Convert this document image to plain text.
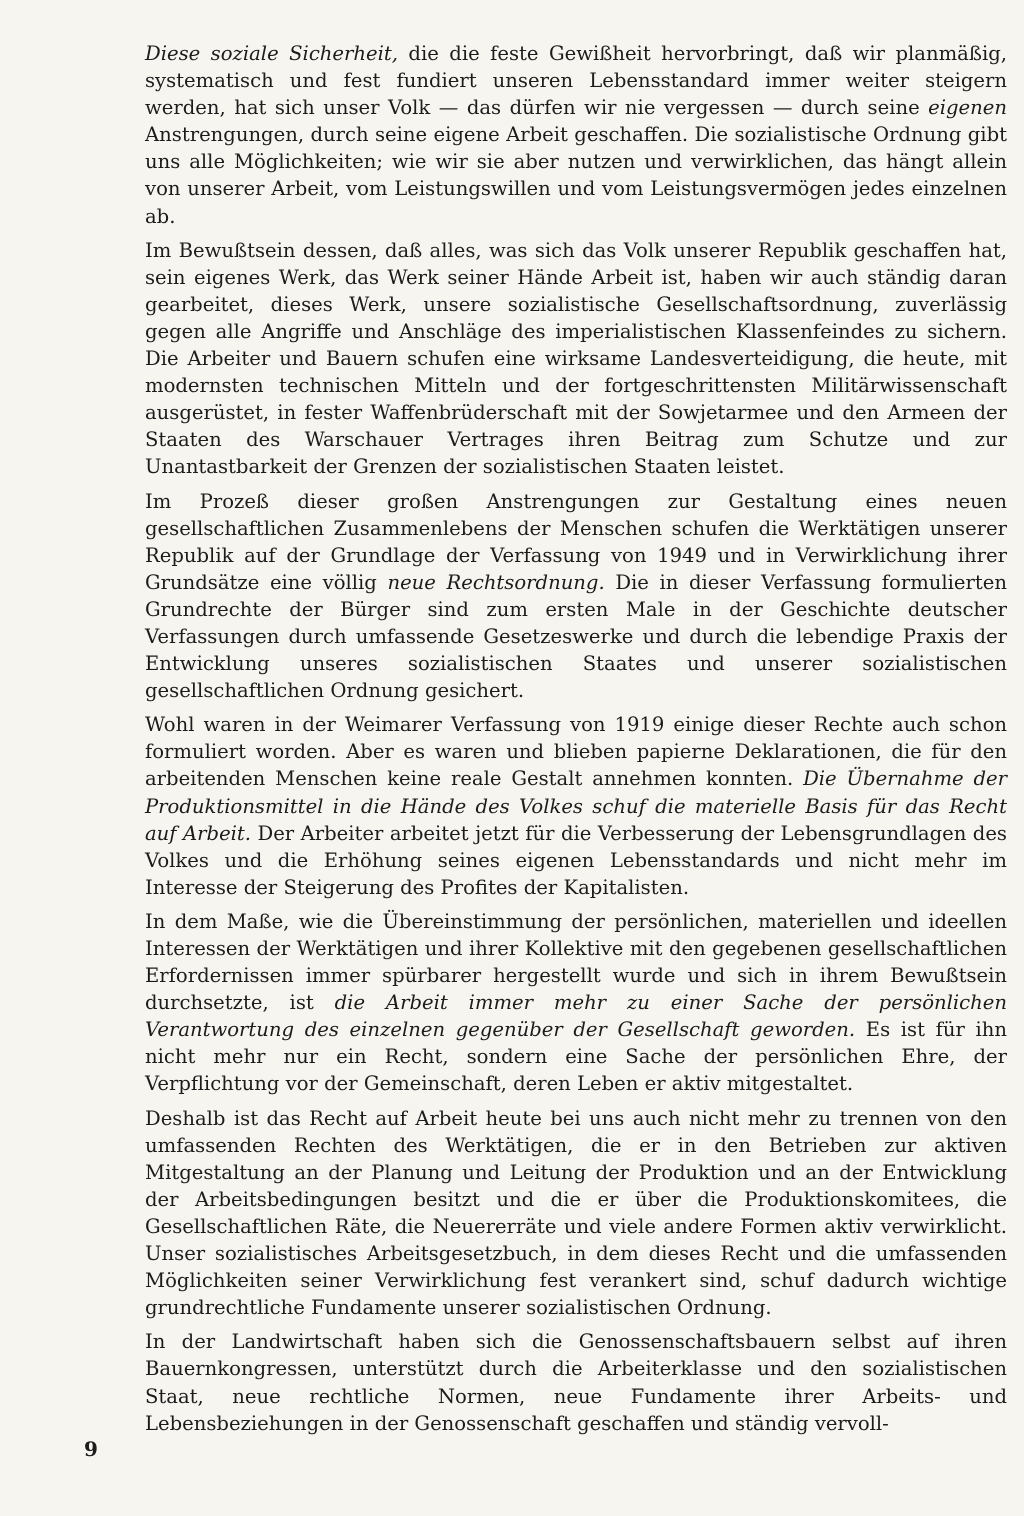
Diese soziale Sicherheit, die die feste Gewißheit hervorbringt, daß wir planmäßig, systematisch und fest fundiert unseren Lebensstandard immer weiter steigern werden, hat sich unser Volk — das dürfen wir nie vergessen — durch seine eigenen Anstrengungen, durch seine eigene Arbeit geschaffen. Die sozialistische Ordnung gibt uns alle Möglichkeiten; wie wir sie aber nutzen und verwirklichen, das hängt allein von unserer Arbeit, vom Leistungswillen und vom Leistungsvermögen jedes einzelnen ab.

Im Bewußtsein dessen, daß alles, was sich das Volk unserer Republik geschaffen hat, sein eigenes Werk, das Werk seiner Hände Arbeit ist, haben wir auch ständig daran gearbeitet, dieses Werk, unsere sozialistische Gesellschaftsordnung, zuverlässig gegen alle Angriffe und Anschläge des imperialistischen Klassenfeindes zu sichern. Die Arbeiter und Bauern schufen eine wirksame Landesverteidigung, die heute, mit modernsten technischen Mitteln und der fortgeschrittensten Militärwissenschaft ausgerüstet, in fester Waffenbrüderschaft mit der Sowjetarmee und den Armeen der Staaten des Warschauer Vertrages ihren Beitrag zum Schutze und zur Unantastbarkeit der Grenzen der sozialistischen Staaten leistet.

Im Prozeß dieser großen Anstrengungen zur Gestaltung eines neuen gesellschaftlichen Zusammenlebens der Menschen schufen die Werktätigen unserer Republik auf der Grundlage der Verfassung von 1949 und in Verwirklichung ihrer Grundsätze eine völlig neue Rechtsordnung. Die in dieser Verfassung formulierten Grundrechte der Bürger sind zum ersten Male in der Geschichte deutscher Verfassungen durch umfassende Gesetzeswerke und durch die lebendige Praxis der Entwicklung unseres sozialistischen Staates und unserer sozialistischen gesellschaftlichen Ordnung gesichert.

Wohl waren in der Weimarer Verfassung von 1919 einige dieser Rechte auch schon formuliert worden. Aber es waren und blieben papierne Deklarationen, die für den arbeitenden Menschen keine reale Gestalt annehmen konnten. Die Übernahme der Produktionsmittel in die Hände des Volkes schuf die materielle Basis für das Recht auf Arbeit. Der Arbeiter arbeitet jetzt für die Verbesserung der Lebensgrundlagen des Volkes und die Erhöhung seines eigenen Lebensstandards und nicht mehr im Interesse der Steigerung des Profites der Kapitalisten.

In dem Maße, wie die Übereinstimmung der persönlichen, materiellen und ideellen Interessen der Werktätigen und ihrer Kollektive mit den gegebenen gesellschaftlichen Erfordernissen immer spürbarer hergestellt wurde und sich in ihrem Bewußtsein durchsetzte, ist die Arbeit immer mehr zu einer Sache der persönlichen Verantwortung des einzelnen gegenüber der Gesellschaft geworden. Es ist für ihn nicht mehr nur ein Recht, sondern eine Sache der persönlichen Ehre, der Verpflichtung vor der Gemeinschaft, deren Leben er aktiv mitgestaltet.

Deshalb ist das Recht auf Arbeit heute bei uns auch nicht mehr zu trennen von den umfassenden Rechten des Werktätigen, die er in den Betrieben zur aktiven Mitgestaltung an der Planung und Leitung der Produktion und an der Entwicklung der Arbeitsbedingungen besitzt und die er über die Produktionskomitees, die Gesellschaftlichen Räte, die Neuererräte und viele andere Formen aktiv verwirklicht. Unser sozialistisches Arbeitsgesetzbuch, in dem dieses Recht und die umfassenden Möglichkeiten seiner Verwirklichung fest verankert sind, schuf dadurch wichtige grundrechtliche Fundamente unserer sozialistischen Ordnung.

In der Landwirtschaft haben sich die Genossenschaftsbauern selbst auf ihren Bauernkongressen, unterstützt durch die Arbeiterklasse und den sozialistischen Staat, neue rechtliche Normen, neue Fundamente ihrer Arbeits- und Lebensbeziehungen in der Genossenschaft geschaffen und ständig vervoll-

9
